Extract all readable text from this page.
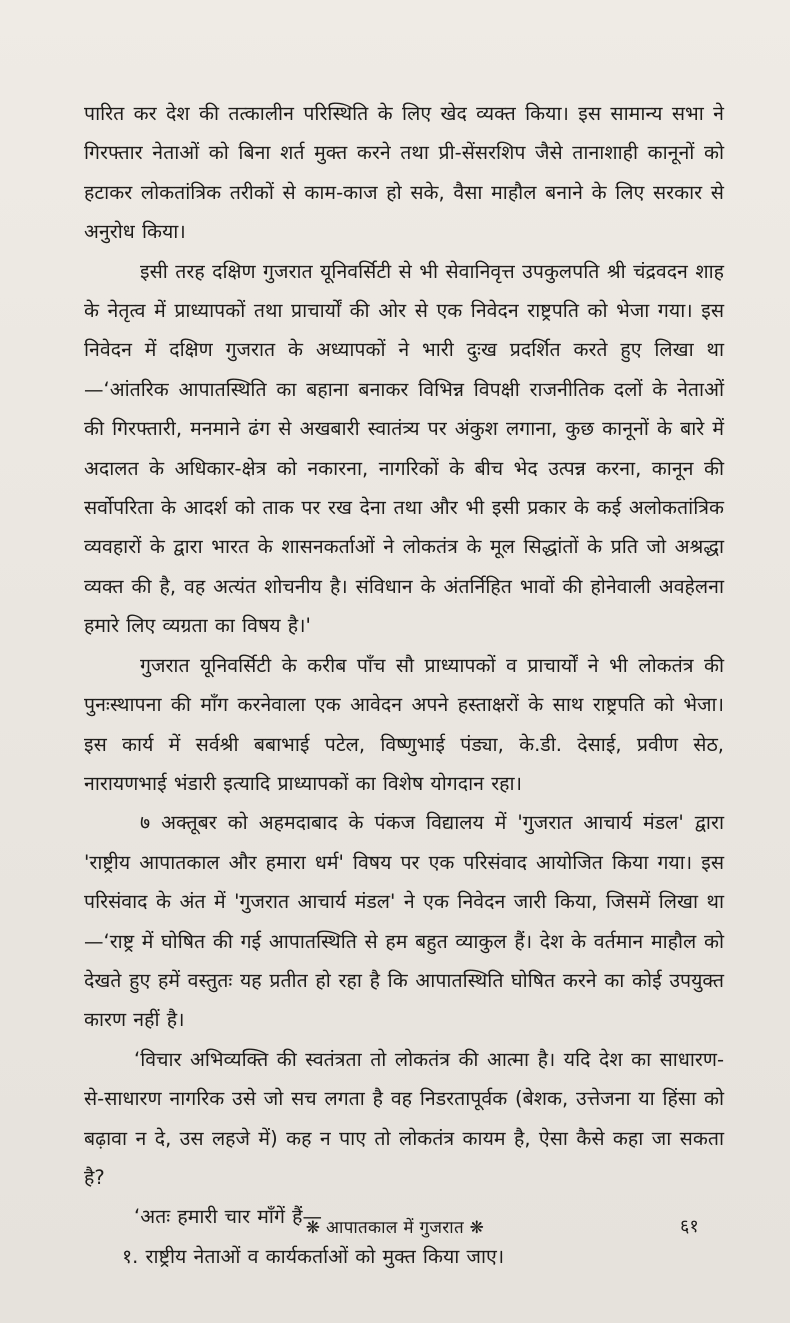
पारित कर देश की तत्कालीन परिस्थिति के लिए खेद व्यक्त किया। इस सामान्य सभा ने गिरफ्तार नेताओं को बिना शर्त मुक्त करने तथा प्री-सेंसरशिप जैसे तानाशाही कानूनों को हटाकर लोकतांत्रिक तरीकों से काम-काज हो सके, वैसा माहौल बनाने के लिए सरकार से अनुरोध किया।

इसी तरह दक्षिण गुजरात यूनिवर्सिटी से भी सेवानिवृत्त उपकुलपति श्री चंद्रवदन शाह के नेतृत्व में प्राध्यापकों तथा प्राचार्यों की ओर से एक निवेदन राष्ट्रपति को भेजा गया। इस निवेदन में दक्षिण गुजरात के अध्यापकों ने भारी दुःख प्रदर्शित करते हुए लिखा था—‘आंतरिक आपातस्थिति का बहाना बनाकर विभिन्न विपक्षी राजनीतिक दलों के नेताओं की गिरफ्तारी, मनमाने ढंग से अखबारी स्वातंत्र्य पर अंकुश लगाना, कुछ कानूनों के बारे में अदालत के अधिकार-क्षेत्र को नकारना, नागरिकों के बीच भेद उत्पन्न करना, कानून की सर्वोपरिता के आदर्श को ताक पर रख देना तथा और भी इसी प्रकार के कई अलोकतांत्रिक व्यवहारों के द्वारा भारत के शासनकर्ताओं ने लोकतंत्र के मूल सिद्धांतों के प्रति जो अश्रद्धा व्यक्त की है, वह अत्यंत शोचनीय है। संविधान के अंतर्निहित भावों की होनेवाली अवहेलना हमारे लिए व्यग्रता का विषय है।'

गुजरात यूनिवर्सिटी के करीब पाँच सौ प्राध्यापकों व प्राचार्यों ने भी लोकतंत्र की पुनःस्थापना की माँग करनेवाला एक आवेदन अपने हस्ताक्षरों के साथ राष्ट्रपति को भेजा। इस कार्य में सर्वश्री बबाभाई पटेल, विष्णुभाई पंड्या, के.डी. देसाई, प्रवीण सेठ, नारायणभाई भंडारी इत्यादि प्राध्यापकों का विशेष योगदान रहा।

७ अक्तूबर को अहमदाबाद के पंकज विद्यालय में 'गुजरात आचार्य मंडल' द्वारा 'राष्ट्रीय आपातकाल और हमारा धर्म' विषय पर एक परिसंवाद आयोजित किया गया। इस परिसंवाद के अंत में 'गुजरात आचार्य मंडल' ने एक निवेदन जारी किया, जिसमें लिखा था—‘राष्ट्र में घोषित की गई आपातस्थिति से हम बहुत व्याकुल हैं। देश के वर्तमान माहौल को देखते हुए हमें वस्तुतः यह प्रतीत हो रहा है कि आपातस्थिति घोषित करने का कोई उपयुक्त कारण नहीं है।

‘विचार अभिव्यक्ति की स्वतंत्रता तो लोकतंत्र की आत्मा है। यदि देश का साधारण-से-साधारण नागरिक उसे जो सच लगता है वह निडरतापूर्वक (बेशक, उत्तेजना या हिंसा को बढ़ावा न दे, उस लहजे में) कह न पाए तो लोकतंत्र कायम है, ऐसा कैसे कहा जा सकता है?

‘अतः हमारी चार माँगें हैं—

१. राष्ट्रीय नेताओं व कार्यकर्ताओं को मुक्त किया जाए।

❋ आपातकाल में गुजरात ❋	६१
